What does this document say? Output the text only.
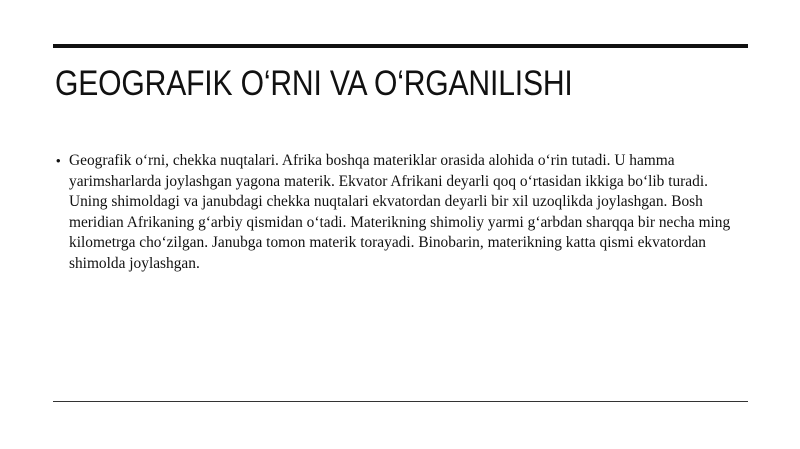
GEOGRAFIK O‘RNI VA O‘RGANILISHI
• Geografik o‘rni, chekka nuqtalari. Afrika boshqa materiklar orasida alohida o‘rin tutadi. U hamma yarimsharlarda joylashgan yagona materik. Ekvator Afrikani deyarli qoq o‘rtasidan ikkiga bo‘lib turadi. Uning shimoldagi va janubdagi chekka nuqtalari ekvatordan deyarli bir xil uzoqlikda joylashgan. Bosh meridian Afrikaning g‘arbiy qismidan o‘tadi. Materikning shimoliy yarmi g‘arbdan sharqqa bir necha ming kilometrga cho‘zilgan. Janubga tomon materik torayadi. Binobarin, materikning katta qismi ekvatordan shimolda joylashgan.
